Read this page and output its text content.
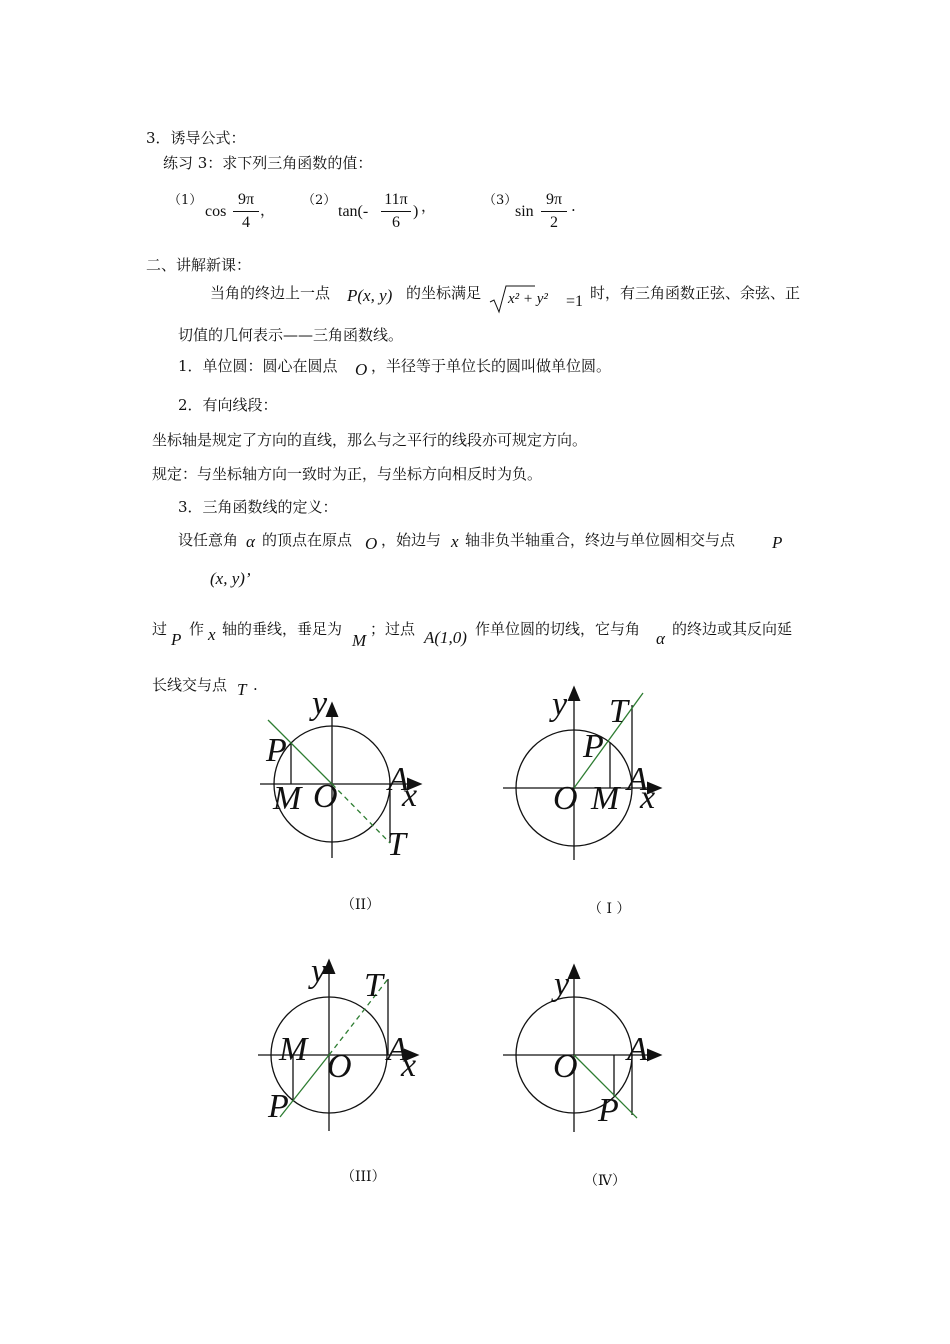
3．诱导公式：
练习 3：求下列三角函数的值：
（1）
cos
9π
4
，
（2）
tan(-
11π
6
) ，	（3）
sin
9π
2
.
二、讲解新课：
当角的终边上一点 P(x, y) 的坐标满足 x² + y² =1 时，有三角函数正弦、余弦、正
切值的几何表示——三角函数线。
1．单位圆：圆心在圆点 O ，半径等于单位长的圆叫做单位圆。
2．有向线段：
坐标轴是规定了方向的直线，那么与之平行的线段亦可规定方向。
规定：与坐标轴方向一致时为正，与坐标方向相反时为负。
3．三角函数线的定义：
设任意角 α 的顶点在原点 O ，始边与 x 轴非负半轴重合，终边与单位圆相交与点 P
(x, y)’
过
P
作 x 轴的垂线，垂足为
M
；过点 A(1,0) 作单位圆的切线，它与角 α 的终边或其反向延
长线交与点 T . y
P
M O A
x
T
（II）
y T
P
O M
A
x
（ I ）
y T
M O A
x
P
（III）
y
O A
P
（Ⅳ）
